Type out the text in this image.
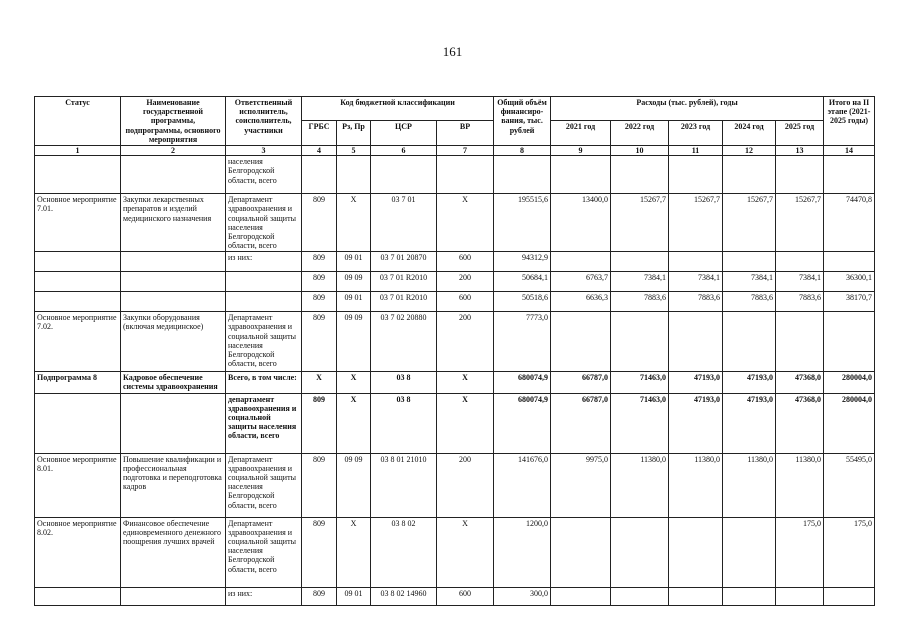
161
Статус	Наименование государственной программы, подпрограммы, основного мероприятия	Ответственный исполнитель, соисполнитель, участники	Код бюджетной классификации				Общий объём финансиро-вания, тыс. рублей	Расходы (тыс. рублей), годы					Итого на II этапе (2021-2025 годы)
			ГРБС	Рз, Пр	ЦСР	ВР		2021 год	2022 год	2023 год	2024 год	2025 год	
1	2	3	4	5	6	7	8	9	10	11	12	13	14
		населения Белгородской области, всего											
Основное мероприятие 7.01.	Закупки лекарственных препаратов и изделий медицинского назначения	Департамент здравоохранения и социальной защиты населения Белгородской области, всего	809	Х	03 7 01	Х	195515,6	13400,0	15267,7	15267,7	15267,7	15267,7	74470,8
		из них:	809	09 01	03 7 01 20870	600	94312,9						
			809	09 09	03 7 01 R2010	200	50684,1	6763,7	7384,1	7384,1	7384,1	7384,1	36300,1
			809	09 01	03 7 01 R2010	600	50518,6	6636,3	7883,6	7883,6	7883,6	7883,6	38170,7
Основное мероприятие 7.02.	Закупки оборудования (включая медицинское)	Департамент здравоохранения и социальной защиты населения Белгородской области, всего	809	09 09	03 7 02 20880	200	7773,0						
Подпрограмма 8	Кадровое обеспечение системы здравоохранения	Всего, в том числе:	Х	Х	03 8	Х	680074,9	66787,0	71463,0	47193,0	47193,0	47368,0	280004,0
		департамент здравоохранения и социальной защиты населения области, всего	809	Х	03 8	Х	680074,9	66787,0	71463,0	47193,0	47193,0	47368,0	280004,0
Основное мероприятие 8.01.	Повышение квалификации и профессиональная подготовка и переподготовка кадров	Департамент здравоохранения и социальной защиты населения Белгородской области, всего	809	09 09	03 8 01 21010	200	141676,0	9975,0	11380,0	11380,0	11380,0	11380,0	55495,0
Основное мероприятие 8.02.	Финансовое обеспечение единовременного денежного поощрения лучших врачей	Департамент здравоохранения и социальной защиты населения Белгородской области, всего	809	Х	03 8 02	Х	1200,0					175,0	175,0
		из них:	809	09 01	03 8 02 14960	600	300,0						
